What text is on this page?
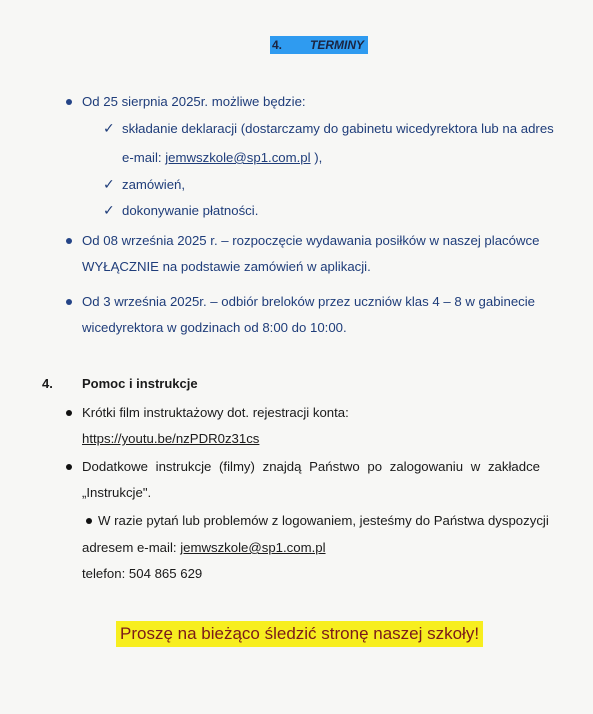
4. TERMINY
Od 25 sierpnia 2025r. możliwe będzie:
✓ składanie deklaracji (dostarczamy do gabinetu wicedyrektora lub na adres
e-mail: jemwszkole@sp1.com.pl ),
✓ zamówień,
✓ dokonywanie płatności.
Od 08 września 2025 r. – rozpoczęcie wydawania posiłków w naszej placówce
WYŁĄCZNIE na podstawie zamówień w aplikacji.
Od 3 września 2025r. – odbiór breloków przez uczniów klas 4 – 8 w gabinecie
wicedyrektora w godzinach od 8:00 do 10:00.
4. Pomoc i instrukcje
Krótki film instruktażowy dot. rejestracji konta:
https://youtu.be/nzPDR0z31cs
Dodatkowe instrukcje (filmy) znajdą Państwo po zalogowaniu w zakładce
„Instrukcje".
W razie pytań lub problemów z logowaniem, jesteśmy do Państwa dyspozycji
adresem e-mail: jemwszkole@sp1.com.pl
telefon: 504 865 629
Proszę na bieżąco śledzić stronę naszej szkoły!
